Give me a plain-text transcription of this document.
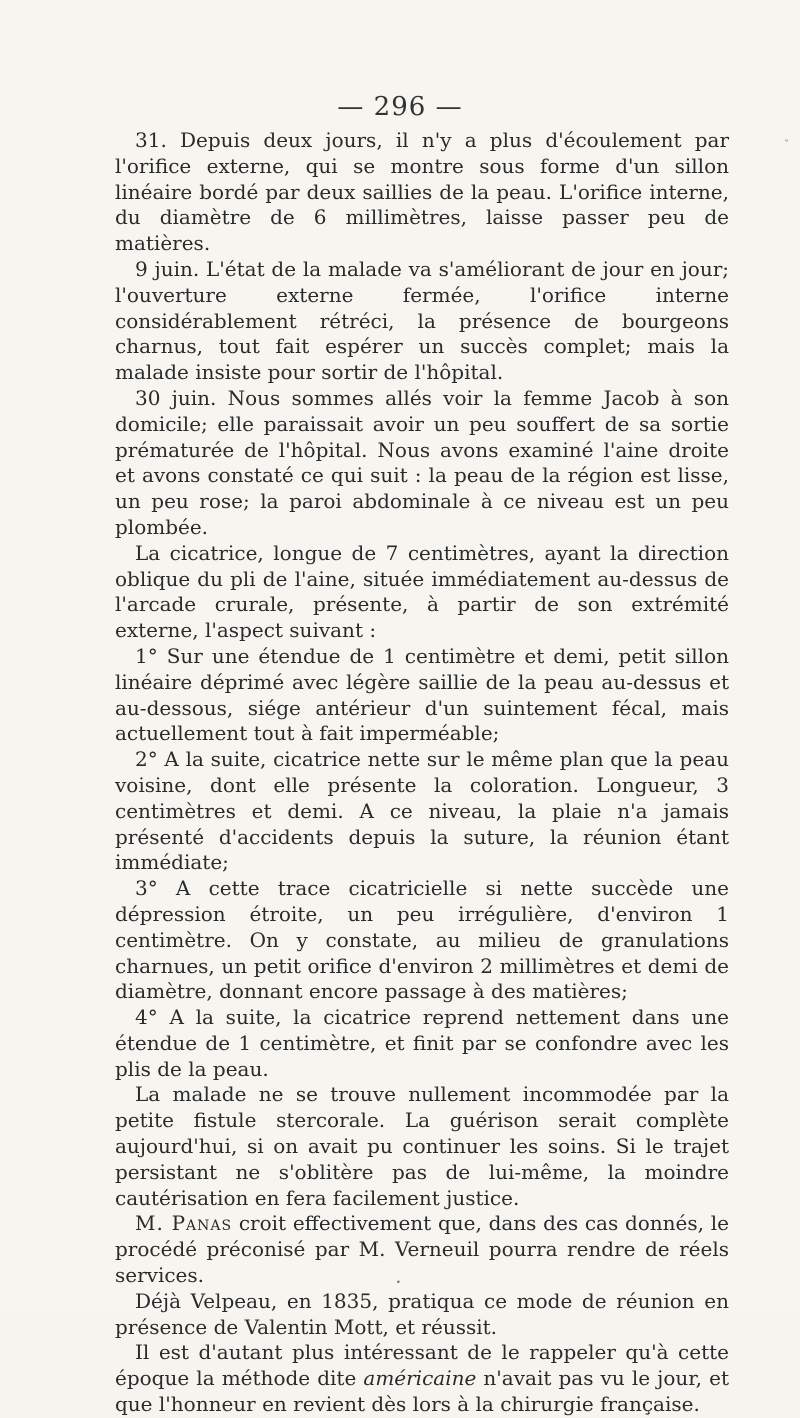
— 296 —
ˇ

31. Depuis deux jours, il n'y a plus d'écoulement par l'orifice externe, qui se montre sous forme d'un sillon linéaire bordé par deux saillies de la peau. L'orifice interne, du diamètre de 6 millimètres, laisse passer peu de matières.

9 juin. L'état de la malade va s'améliorant de jour en jour; l'ouverture externe fermée, l'orifice interne considérablement rétréci, la présence de bourgeons charnus, tout fait espérer un succès complet; mais la malade insiste pour sortir de l'hôpital.

30 juin. Nous sommes allés voir la femme Jacob à son domicile; elle paraissait avoir un peu souffert de sa sortie prématurée de l'hôpital. Nous avons examiné l'aine droite et avons constaté ce qui suit : la peau de la région est lisse, un peu rose; la paroi abdominale à ce niveau est un peu plombée.

La cicatrice, longue de 7 centimètres, ayant la direction oblique du pli de l'aine, située immédiatement au-dessus de l'arcade crurale, présente, à partir de son extrémité externe, l'aspect suivant :

1° Sur une étendue de 1 centimètre et demi, petit sillon linéaire déprimé avec légère saillie de la peau au-dessus et au-dessous, siége antérieur d'un suintement fécal, mais actuellement tout à fait imperméable;

2° A la suite, cicatrice nette sur le même plan que la peau voisine, dont elle présente la coloration. Longueur, 3 centimètres et demi. A ce niveau, la plaie n'a jamais présenté d'accidents depuis la suture, la réunion étant immédiate;

3° A cette trace cicatricielle si nette succède une dépression étroite, un peu irrégulière, d'environ 1 centimètre. On y constate, au milieu de granulations charnues, un petit orifice d'environ 2 millimètres et demi de diamètre, donnant encore passage à des matières;

4° A la suite, la cicatrice reprend nettement dans une étendue de 1 centimètre, et finit par se confondre avec les plis de la peau.

La malade ne se trouve nullement incommodée par la petite fistule stercorale. La guérison serait complète aujourd'hui, si on avait pu continuer les soins. Si le trajet persistant ne s'oblitère pas de lui-même, la moindre cautérisation en fera facilement justice.

M. Panas croit effectivement que, dans des cas donnés, le procédé préconisé par M. Verneuil pourra rendre de réels services.

Déjà Velpeau, en 1835, pratiqua ce mode de réunion en présence de Valentin Mott, et réussit.

Il est d'autant plus intéressant de le rappeler qu'à cette époque la méthode dite américaine n'avait pas vu le jour, et que l'honneur en revient dès lors à la chirurgie française.

•
